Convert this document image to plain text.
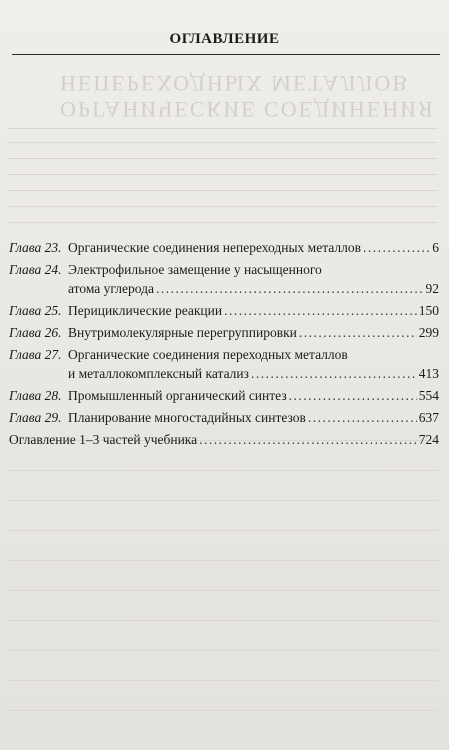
ОРГАНИЧЕСКИЕ СОЕДИНЕНИЯ
НЕПЕРЕХОДНЫХ МЕТАЛЛОВ
ОГЛАВЛЕНИЕ
Глава 23. Органические соединения непереходных металлов .....	6
Глава 24. Электрофильное замещение у насыщенного
атома углерода .....	92
Глава 25. Перициклические реакции .....	150
Глава 26. Внутримолекулярные перегруппировки .....	299
Глава 27. Органические соединения переходных металлов
и металлокомплексный катализ .....	413
Глава 28. Промышленный органический синтез .....	554
Глава 29. Планирование многостадийных синтезов .....	637
Оглавление 1–3 частей учебника .....	724
